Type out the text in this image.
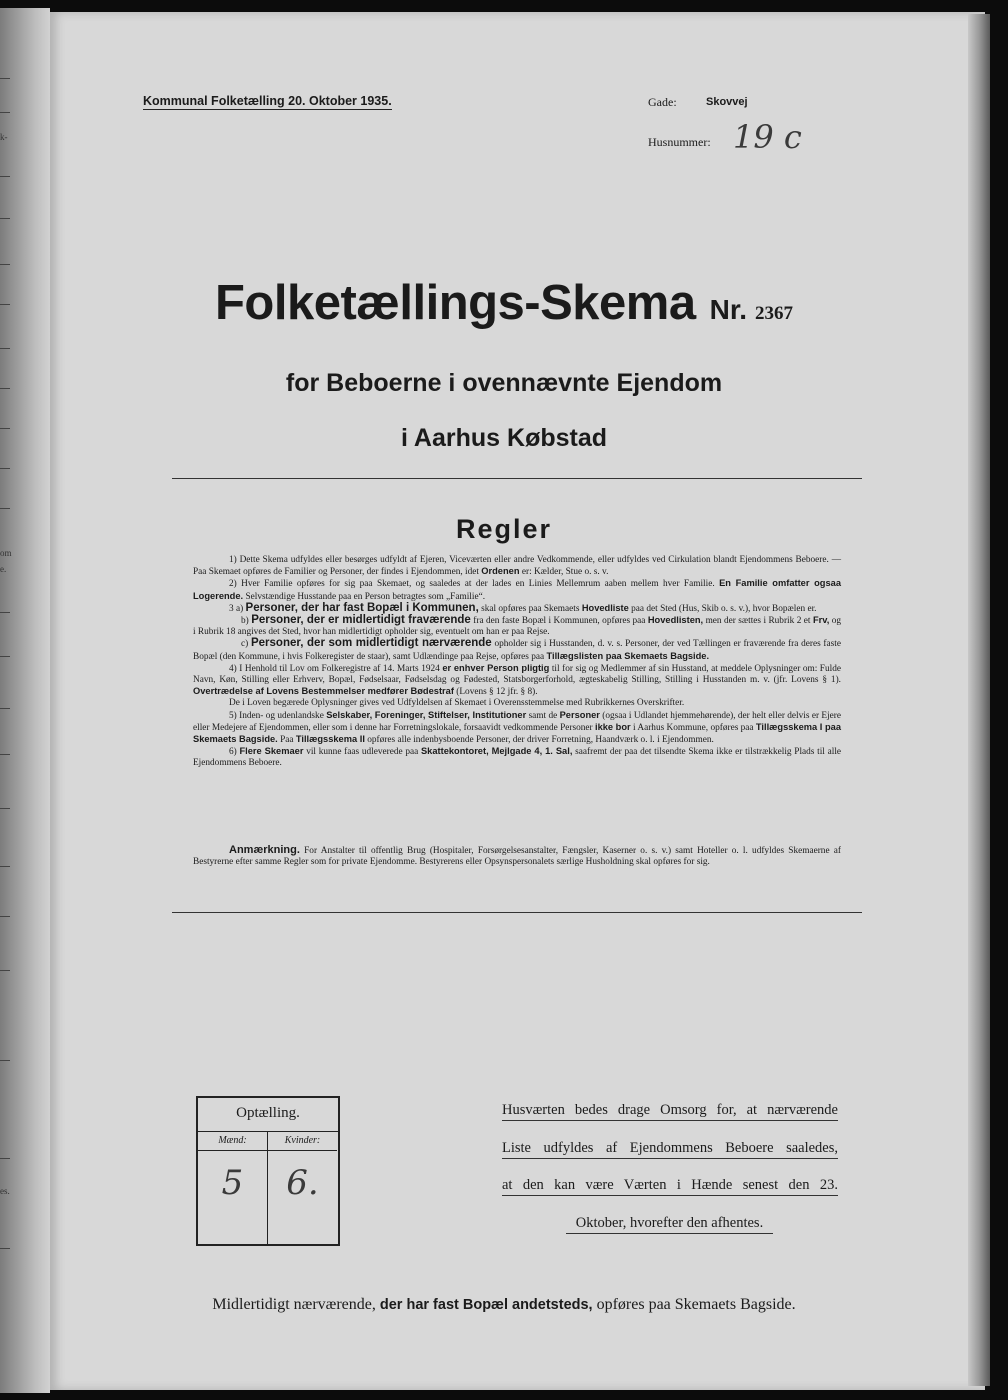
k-
om
e.
es.
Kommunal Folketælling 20. Oktober 1935.	Gade:	Skovvej
Husnummer: 19 c
Folketællings-Skema Nr. 2367
for Beboerne i ovennævnte Ejendom
i Aarhus Købstad
Regler

1) Dette Skema udfyldes eller besørges udfyldt af Ejeren, Viceværten eller andre Vedkommende, eller udfyldes ved Cirkulation blandt Ejendommens Beboere. — Paa Skemaet opføres de Familier og Personer, der findes i Ejendommen, idet Ordenen er: Kælder, Stue o. s. v.

2) Hver Familie opføres for sig paa Skemaet, og saaledes at der lades en Linies Mellemrum aaben mellem hver Familie. En Familie omfatter ogsaa Logerende. Selvstændige Husstande paa en Person betragtes som „Familie“.

3 a) Personer, der har fast Bopæl i Kommunen, skal opføres paa Skemaets Hovedliste paa det Sted (Hus, Skib o. s. v.), hvor Bopælen er.

b) Personer, der er midlertidigt fraværende fra den faste Bopæl i Kommunen, opføres paa Hovedlisten, men der sættes i Rubrik 2 et Frv, og i Rubrik 18 angives det Sted, hvor han midlertidigt opholder sig, eventuelt om han er paa Rejse.

c) Personer, der som midlertidigt nærværende opholder sig i Husstanden, d. v. s. Personer, der ved Tællingen er fraværende fra deres faste Bopæl (den Kommune, i hvis Folkeregister de staar), samt Udlændinge paa Rejse, opføres paa Tillægslisten paa Skemaets Bagside.

4) I Henhold til Lov om Folkeregistre af 14. Marts 1924 er enhver Person pligtig til for sig og Medlemmer af sin Husstand, at meddele Oplysninger om: Fulde Navn, Køn, Stilling eller Erhverv, Bopæl, Fødselsaar, Fødselsdag og Fødested, Statsborgerforhold, ægteskabelig Stilling, Stilling i Husstanden m. v. (jfr. Lovens § 1). Overtrædelse af Lovens Bestemmelser medfører Bødestraf (Lovens § 12 jfr. § 8).

De i Loven begærede Oplysninger gives ved Udfyldelsen af Skemaet i Overensstemmelse med Rubrikkernes Overskrifter.

5) Inden- og udenlandske Selskaber, Foreninger, Stiftelser, Institutioner samt de Personer (ogsaa i Udlandet hjemmehørende), der helt eller delvis er Ejere eller Medejere af Ejendommen, eller som i denne har Forretningslokale, forsaavidt vedkommende Personer ikke bor i Aarhus Kommune, opføres paa Tillægsskema I paa Skemaets Bagside. Paa Tillægsskema II opføres alle indenbysboende Personer, der driver Forretning, Haandværk o. l. i Ejendommen.

6) Flere Skemaer vil kunne faas udleverede paa Skattekontoret, Mejlgade 4, 1. Sal, saafremt der paa det tilsendte Skema ikke er tilstrækkelig Plads til alle Ejendommens Beboere.

Anmærkning. For Anstalter til offentlig Brug (Hospitaler, Forsørgelsesanstalter, Fængsler, Kaserner o. s. v.) samt Hoteller o. l. udfyldes Skemaerne af Bestyrerne efter samme Regler som for private Ejendomme. Bestyrerens eller Opsynspersonalets særlige Husholdning skal opføres for sig.

Optælling.
Mænd:
5
Kvinder:
6.
Husværten bedes drage Omsorg for, at nærværende
Liste udfyldes af Ejendommens Beboere saaledes,
at den kan være Værten i Hænde senest den 23.
Oktober, hvorefter den afhentes.
Midlertidigt nærværende, der har fast Bopæl andetsteds, opføres paa Skemaets Bagside.
